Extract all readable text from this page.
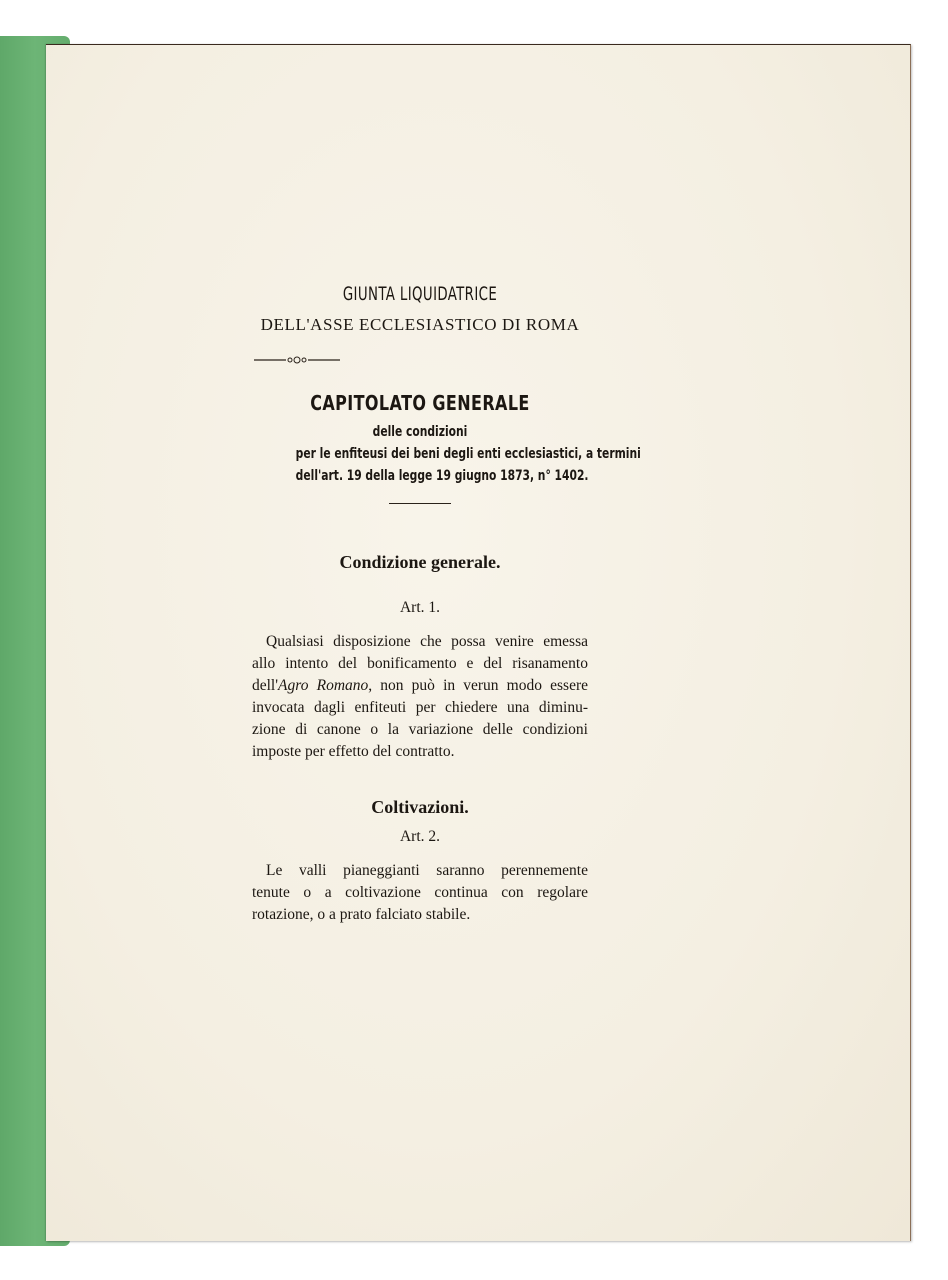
GIUNTA LIQUIDATRICE

DELL'ASSE ECCLESIASTICO DI ROMA

CAPITOLATO GENERALE

delle condizioni

per le enfiteusi dei beni degli enti ecclesiastici, a termini

dell'art. 19 della legge 19 giugno 1873, n° 1402.

Condizione generale.

Art. 1.

Qualsiasi disposizione che possa venire emessa
allo intento del bonificamento e del risanamento
dell'Agro Romano, non può in verun modo essere
invocata dagli enfiteuti per chiedere una diminu-
zione di canone o la variazione delle condizioni
imposte per effetto del contratto.

Coltivazioni.

Art. 2.

Le valli pianeggianti saranno perennemente
tenute o a coltivazione continua con regolare
rotazione, o a prato falciato stabile.
